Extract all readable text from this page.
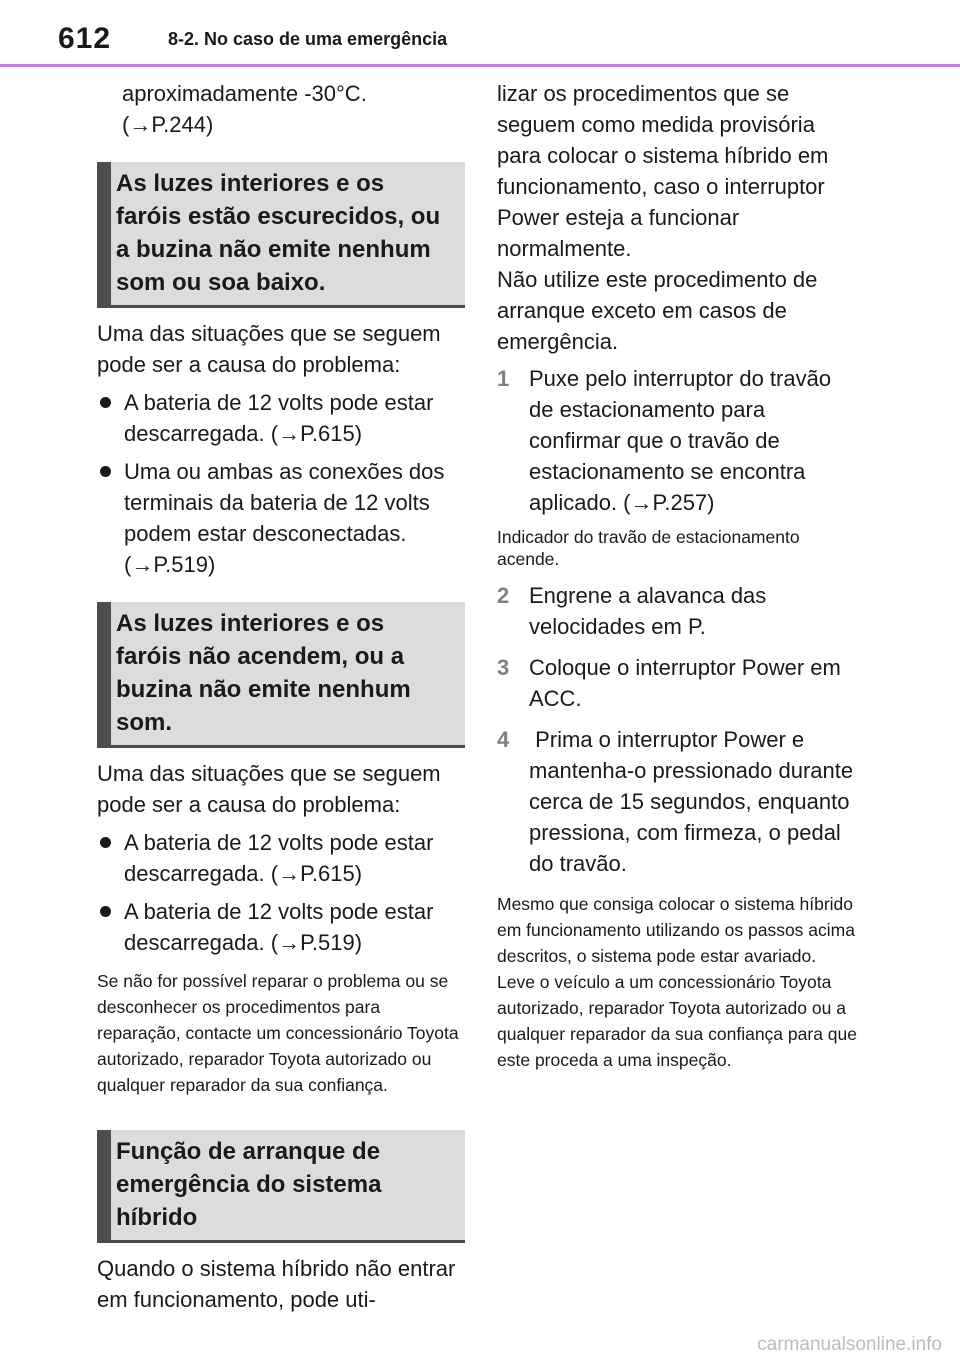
612	8-2. No caso de uma emergência

aproximadamente -30°C.

(→P.244)

As luzes interiores e os faróis estão escurecidos, ou a buzina não emite nenhum som ou soa baixo.

Uma das situações que se seguem pode ser a causa do problema:

A bateria de 12 volts pode estar descarregada. (→P.615)
Uma ou ambas as conexões dos terminais da bateria de 12 volts podem estar desconectadas. (→P.519)
As luzes interiores e os faróis não acendem, ou a buzina não emite nenhum som.

Uma das situações que se seguem pode ser a causa do problema:

A bateria de 12 volts pode estar descarregada. (→P.615)
A bateria de 12 volts pode estar descarregada. (→P.519)

Se não for possível reparar o problema ou se desconhecer os procedimentos para reparação, contacte um concessionário Toyota autorizado, reparador Toyota autorizado ou qualquer reparador da sua confiança.

Função de arranque de emergência do sistema híbrido

Quando o sistema híbrido não entrar em funcionamento, pode uti-

lizar os procedimentos que se seguem como medida provisória para colocar o sistema híbrido em funcionamento, caso o interruptor Power esteja a funcionar normalmente.

Não utilize este procedimento de arranque exceto em casos de emergência.

1 Puxe pelo interruptor do travão de estacionamento para confirmar que o travão de estacionamento se encontra aplicado. (→P.257)

Indicador do travão de estacionamento acende.

2 Engrene a alavanca das velocidades em P.
3 Coloque o interruptor Power em ACC.
4 Prima o interruptor Power e mantenha-o pressionado durante cerca de 15 segundos, enquanto pressiona, com firmeza, o pedal do travão.

Mesmo que consiga colocar o sistema híbrido em funcionamento utilizando os passos acima descritos, o sistema pode estar avariado. Leve o veículo a um concessionário Toyota autorizado, reparador Toyota autorizado ou a qualquer reparador da sua confiança para que este proceda a uma inspeção.

carmanualsonline.info
